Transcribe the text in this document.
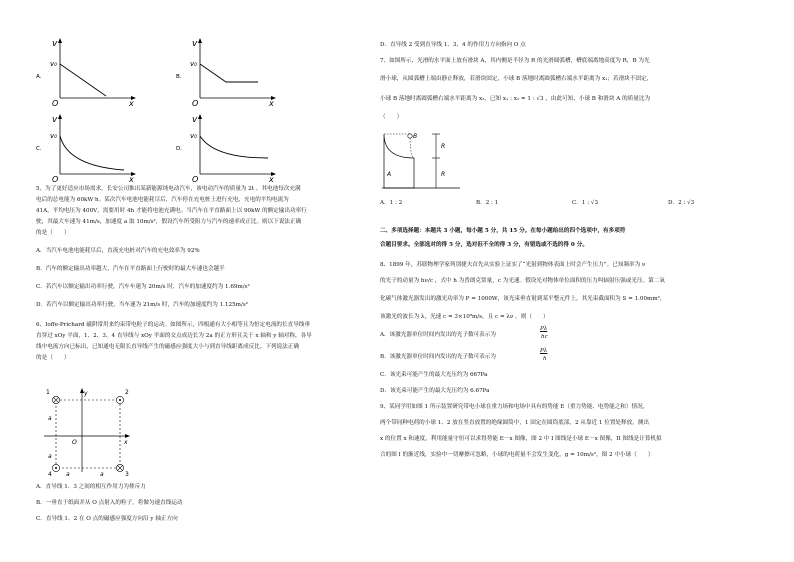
A.
v
v₀
O	x
B.
v
v₀
O	x
C.
v
v₀
O	x
D.
v
v₀
O	x
5、为了更好适应市场需求，长安公司推出某新能源纯电动汽车，该电动汽车的质量为 2t 、其电池每次充满
电后的总电能为 60kW·h。某次汽车电池电能耗尽后，汽车停在充电桩上进行充电，充电的平均电流为
41A，平均电压为 400V，需要用时 4h 才能将电池充满电。当汽车在平直路面上以 90kW 的额定输出功率行
驶，其最大车速为 41m/s，加速度 a 取 10m/s²，假设汽车所受阻力与汽车的速率成正比。则以下说法正确
的是（　　）
A．当汽车电池电能耗尽后，直流充电桩对汽车的充电效率为 92%
B．汽车的额定输出功率越大，汽车在平直路面上行驶时的最大车速也会越半
C．若汽车以额定输出功率行驶，汽车车速为 20m/s 时，汽车的加速度约为 1.69m/s²
D．若汽车以额定输出功率行驶，当车速为 21m/s 时，汽车的加速度约为 1.125m/s²
6、Ioffe-Prichard 磁阱常用来约束带电粒子的运动。如图所示，四根通有大小相等且为恒定电流的长直导线垂
直穿过 xOy 平面，1、2、3、4 直导线与 xOy 平面的交点成边长为 2a 的正方形且关于 x 轴和 y 轴对称，各导
线中电流方向已标出，已知通电无限长直导线产生的磁感应强度大小与到直导线距离成反比。下列说法正确
的是（　　）
y
x
O
1	2
4	3
a
a
a	a
A．直导线 1、3 之间的相互作用力为排斥力
B．一垂直于纸面并从 O 点射入的粒子，将做匀速直线运动
C．直导线 1、2 在 O 点的磁感应强度方向沿 y 轴正方向
D．直导线 2 受到直导线 1、3、4 的作用力方向指向 O 点
7、如图所示，光滑的水平面上放有滑块 A，其内侧是半径为 R 的光滑圆弧槽，槽底端离地高度为 R，B 为光
滑小球，从圆弧槽上端由静止释放，若滑块固定，小球 B 落地时离圆弧槽右端水平距离为 x₁；若滑块不固定，
小球 B 落地时离圆弧槽右端水平距离为 x₂，已知 x₁ : x₂ = 1 : √3 ，由此可知，小球 B 和滑块 A 的质量比为
（　　）
A
B
R
R
A．1 : 2	B．2 : 1	C．1 : √3	D．2 : √3
二、多项选择题：本题共 3 小题，每小题 5 分，共 15 分。在每小题给出的四个选项中，有多项符
合题目要求。全部选对的得 5 分，选对但不全的得 3 分，有错选或不选的得 0 分。
8、1899 年，苏联物理学家列别捷夫首先从实验上证实了“光射到物体表面上时会产生压力”。已知频率为 ν
的光子的动量为 hν/c ，式中 h 为普朗克常量，c 为光速。假设光对物体单位面积的压力叫辐射压强或光压。第二氧
化碳气体激光器发出的激光功率为 P = 1000W，该光束垂直射到某平整元件上，其光束截面积为 S = 1.00mm²，
该激光的波长为 λ，光速 c = 3×10⁸m/s，且 c = λν ，则（　　）
A．该激光器单位时间内发出的光子数可表示为
Pλ
hc
B．该激光器单位时间内发出的光子数可表示为
Pλ
h
C．该光束可能产生的最大光压约为 667Pa
D．该光束可能产生的最大光压约为 6.67Pa
9、某同学用如图 1 所示装置研究带电小球在重力场和电场中具有的势能 E（重力势能、电势能之和）情况。
两个带同种电荷的小球 1、2 放在竖直放置的绝缘圆筒中，1 固定在圆筒底部，2 从靠近 1 位置处释放，测出
x 的位置 x 和速度，利用能量守恒可以求得势能 E－x 图像，图 2 中 I 图线是小球 E－x 图像，II 图线是计算机拟
合的图 I 的渐近线，实验中一切摩擦可忽略，小球的电荷量不会发生变化，g = 10m/s²，图 2 中小球（　　）
